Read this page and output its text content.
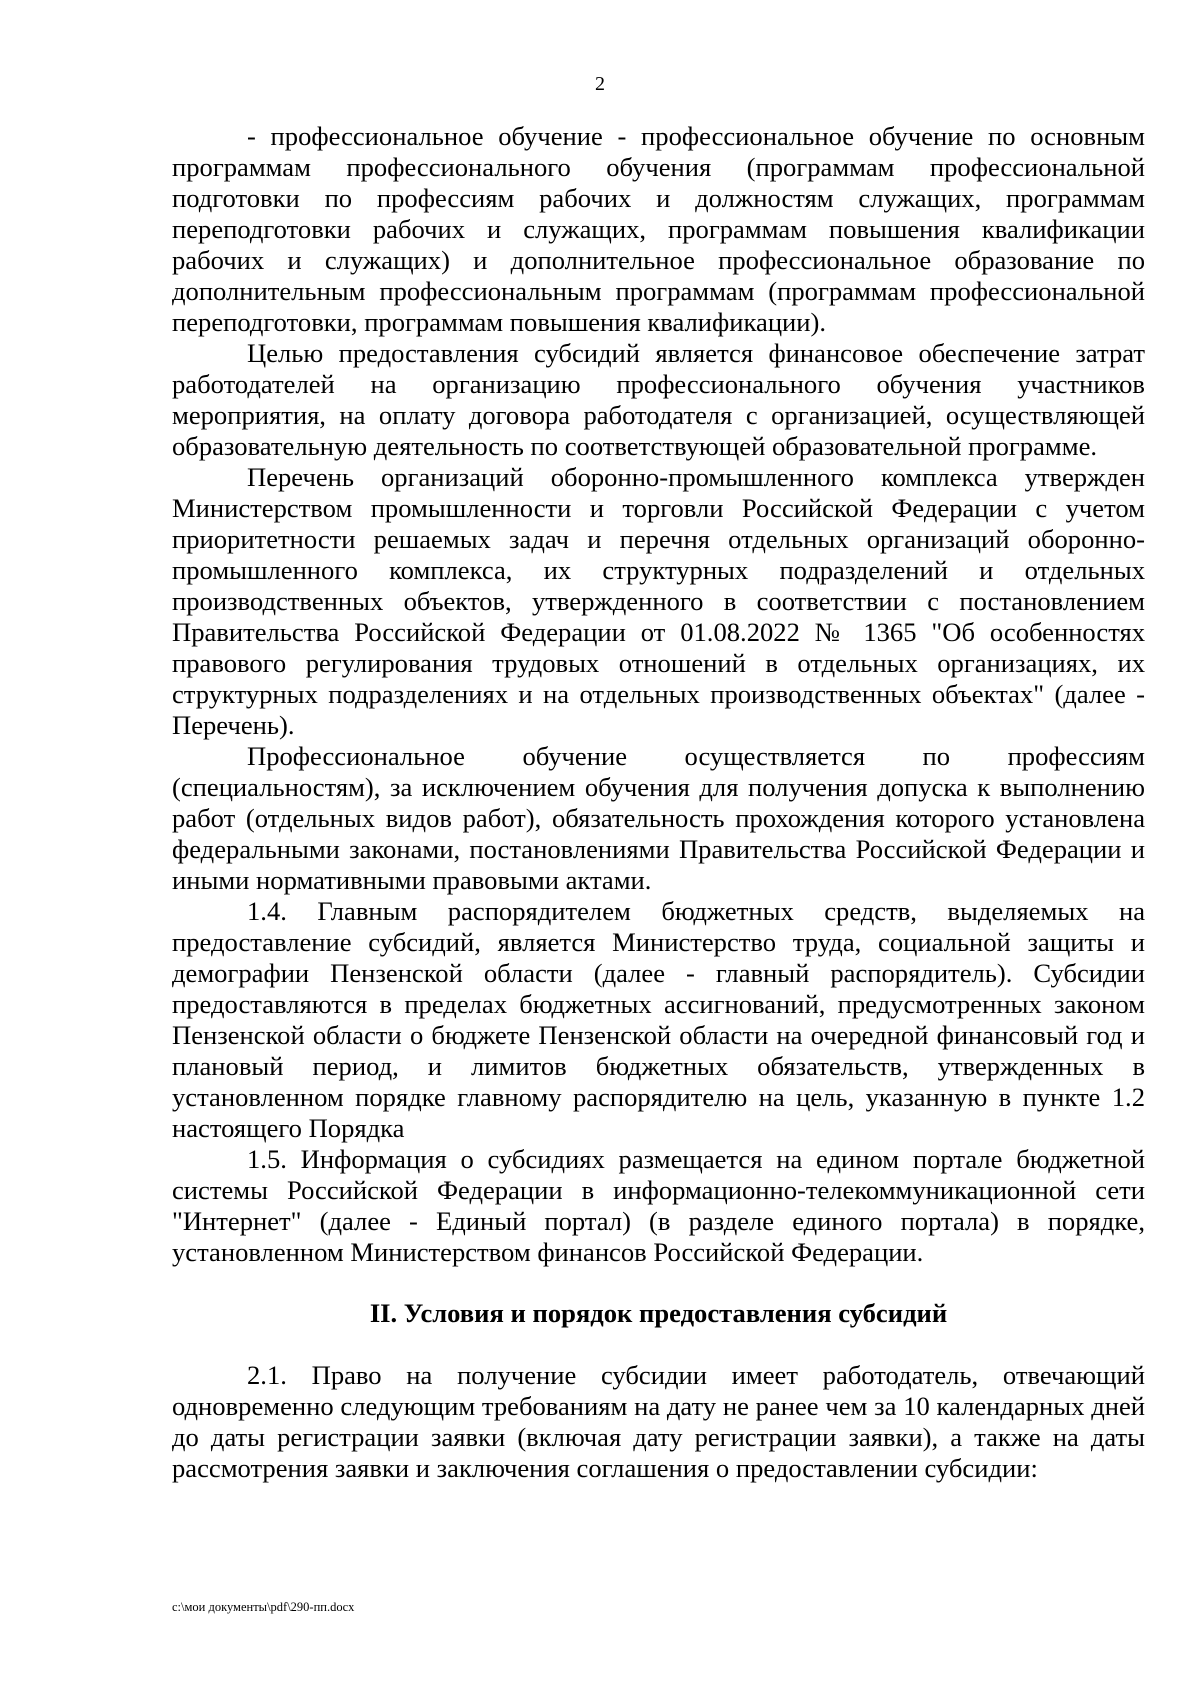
2

- профессиональное обучение - профессиональное обучение по основным программам профессионального обучения (программам профессиональной подготовки по профессиям рабочих и должностям служащих, программам переподготовки рабочих и служащих, программам повышения квалификации рабочих и служащих) и дополнительное профессиональное образование по дополнительным профессиональным программам (программам профессиональной переподготовки, программам повышения квалификации).

Целью предоставления субсидий является финансовое обеспечение затрат работодателей на организацию профессионального обучения участников мероприятия, на оплату договора работодателя с организацией, осуществляющей образовательную деятельность по соответствующей образовательной программе.

Перечень организаций оборонно-промышленного комплекса утвержден Министерством промышленности и торговли Российской Федерации с учетом приоритетности решаемых задач и перечня отдельных организаций оборонно-промышленного комплекса, их структурных подразделений и отдельных производственных объектов, утвержденного в соответствии с постановлением Правительства Российской Федерации от 01.08.2022 № 1365 "Об особенностях правового регулирования трудовых отношений в отдельных организациях, их структурных подразделениях и на отдельных производственных объектах" (далее - Перечень).

Профессиональное обучение осуществляется по профессиям (специальностям), за исключением обучения для получения допуска к выполнению работ (отдельных видов работ), обязательность прохождения которого установлена федеральными законами, постановлениями Правительства Российской Федерации и иными нормативными правовыми актами.

1.4. Главным распорядителем бюджетных средств, выделяемых на предоставление субсидий, является Министерство труда, социальной защиты и демографии Пензенской области (далее - главный распорядитель). Субсидии предоставляются в пределах бюджетных ассигнований, предусмотренных законом Пензенской области о бюджете Пензенской области на очередной финансовый год и плановый период, и лимитов бюджетных обязательств, утвержденных в установленном порядке главному распорядителю на цель, указанную в пункте 1.2 настоящего Порядка

1.5. Информация о субсидиях размещается на едином портале бюджетной системы Российской Федерации в информационно-телекоммуникационной сети "Интернет" (далее - Единый портал) (в разделе единого портала) в порядке, установленном Министерством финансов Российской Федерации.

II. Условия и порядок предоставления субсидий

2.1. Право на получение субсидии имеет работодатель, отвечающий одновременно следующим требованиям на дату не ранее чем за 10 календарных дней до даты регистрации заявки (включая дату регистрации заявки), а также на даты рассмотрения заявки и заключения соглашения о предоставлении субсидии:

c:\мои документы\pdf\290-пп.docx
